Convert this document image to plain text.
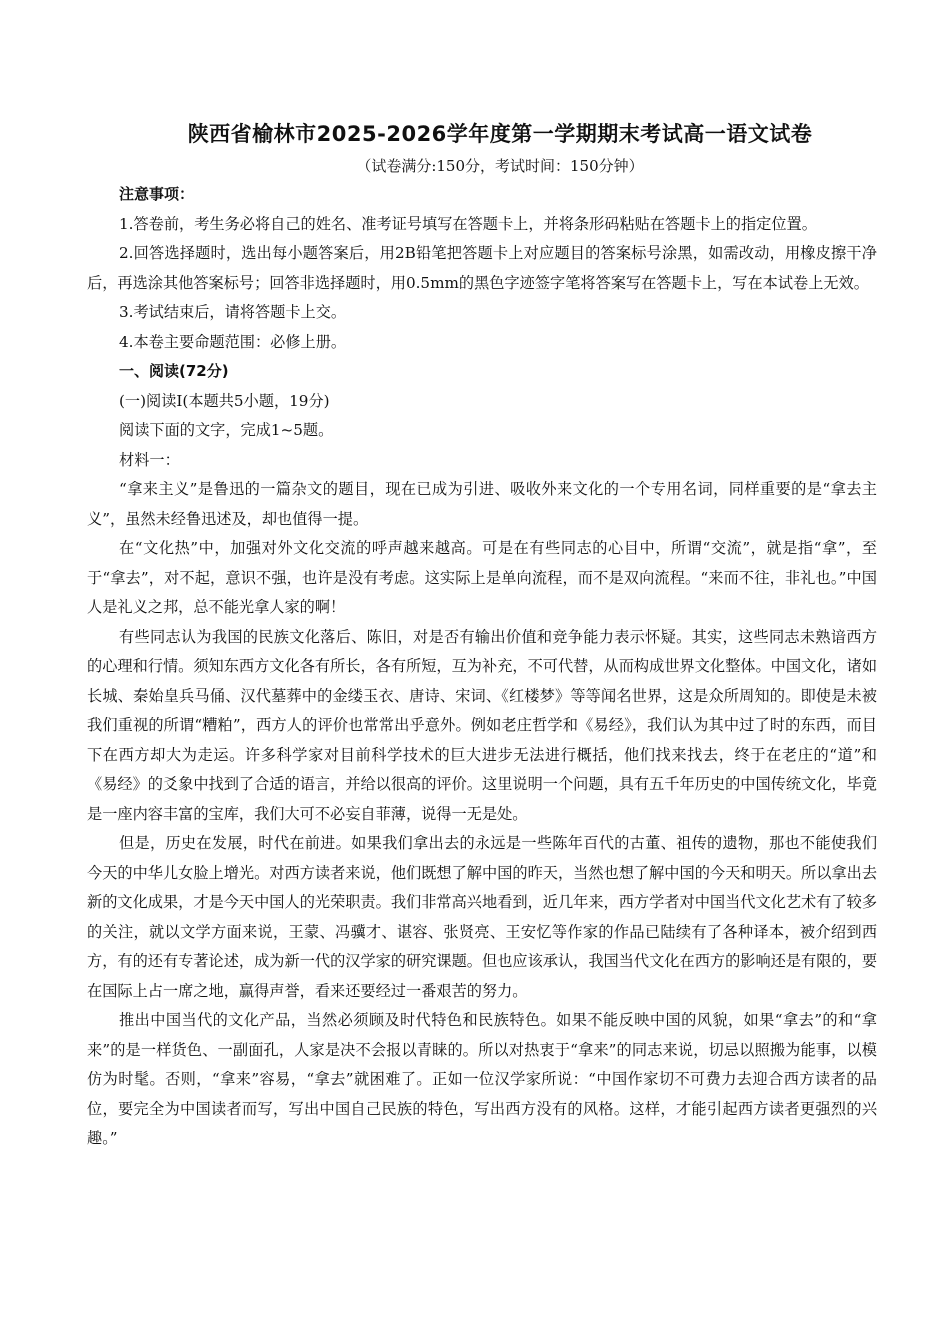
陕西省榆林市2025-2026学年度第一学期期末考试高一语文试卷
（试卷满分:150分，考试时间：150分钟）

注意事项：

1.答卷前，考生务必将自己的姓名、准考证号填写在答题卡上，并将条形码粘贴在答题卡上的指定位置。

2.回答选择题时，选出每小题答案后，用2B铅笔把答题卡上对应题目的答案标号涂黑，如需改动，用橡皮擦干净后，再选涂其他答案标号；回答非选择题时，用0.5mm的黑色字迹签字笔将答案写在答题卡上，写在本试卷上无效。

3.考试结束后，请将答题卡上交。

4.本卷主要命题范围：必修上册。

一、阅读(72分)

(一)阅读Ⅰ(本题共5小题，19分)

阅读下面的文字，完成1~5题。

材料一：

“拿来主义”是鲁迅的一篇杂文的题目，现在已成为引进、吸收外来文化的一个专用名词，同样重要的是“拿去主义”，虽然未经鲁迅述及，却也值得一提。

在“文化热”中，加强对外文化交流的呼声越来越高。可是在有些同志的心目中，所谓“交流”，就是指“拿”，至于“拿去”，对不起，意识不强，也许是没有考虑。这实际上是单向流程，而不是双向流程。“来而不往，非礼也。”中国人是礼义之邦，总不能光拿人家的啊！

有些同志认为我国的民族文化落后、陈旧，对是否有输出价值和竞争能力表示怀疑。其实，这些同志未熟谙西方的心理和行情。须知东西方文化各有所长，各有所短，互为补充，不可代替，从而构成世界文化整体。中国文化，诸如长城、秦始皇兵马俑、汉代墓葬中的金缕玉衣、唐诗、宋词、《红楼梦》等等闻名世界，这是众所周知的。即使是未被我们重视的所谓“糟粕”，西方人的评价也常常出乎意外。例如老庄哲学和《易经》，我们认为其中过了时的东西，而目下在西方却大为走运。许多科学家对目前科学技术的巨大进步无法进行概括，他们找来找去，终于在老庄的“道”和《易经》的爻象中找到了合适的语言，并给以很高的评价。这里说明一个问题，具有五千年历史的中国传统文化，毕竟是一座内容丰富的宝库，我们大可不必妄自菲薄，说得一无是处。

但是，历史在发展，时代在前进。如果我们拿出去的永远是一些陈年百代的古董、祖传的遗物，那也不能使我们今天的中华儿女脸上增光。对西方读者来说，他们既想了解中国的昨天，当然也想了解中国的今天和明天。所以拿出去新的文化成果，才是今天中国人的光荣职责。我们非常高兴地看到，近几年来，西方学者对中国当代文化艺术有了较多的关注，就以文学方面来说，王蒙、冯骥才、谌容、张贤亮、王安忆等作家的作品已陆续有了各种译本，被介绍到西方，有的还有专著论述，成为新一代的汉学家的研究课题。但也应该承认，我国当代文化在西方的影响还是有限的，要在国际上占一席之地，赢得声誉，看来还要经过一番艰苦的努力。

推出中国当代的文化产品，当然必须顾及时代特色和民族特色。如果不能反映中国的风貌，如果“拿去”的和“拿来”的是一样货色、一副面孔，人家是决不会报以青睐的。所以对热衷于“拿来”的同志来说，切忌以照搬为能事，以模仿为时髦。否则，“拿来”容易，“拿去”就困难了。正如一位汉学家所说：“中国作家切不可费力去迎合西方读者的品位，要完全为中国读者而写，写出中国自己民族的特色，写出西方没有的风格。这样，才能引起西方读者更强烈的兴趣。”
